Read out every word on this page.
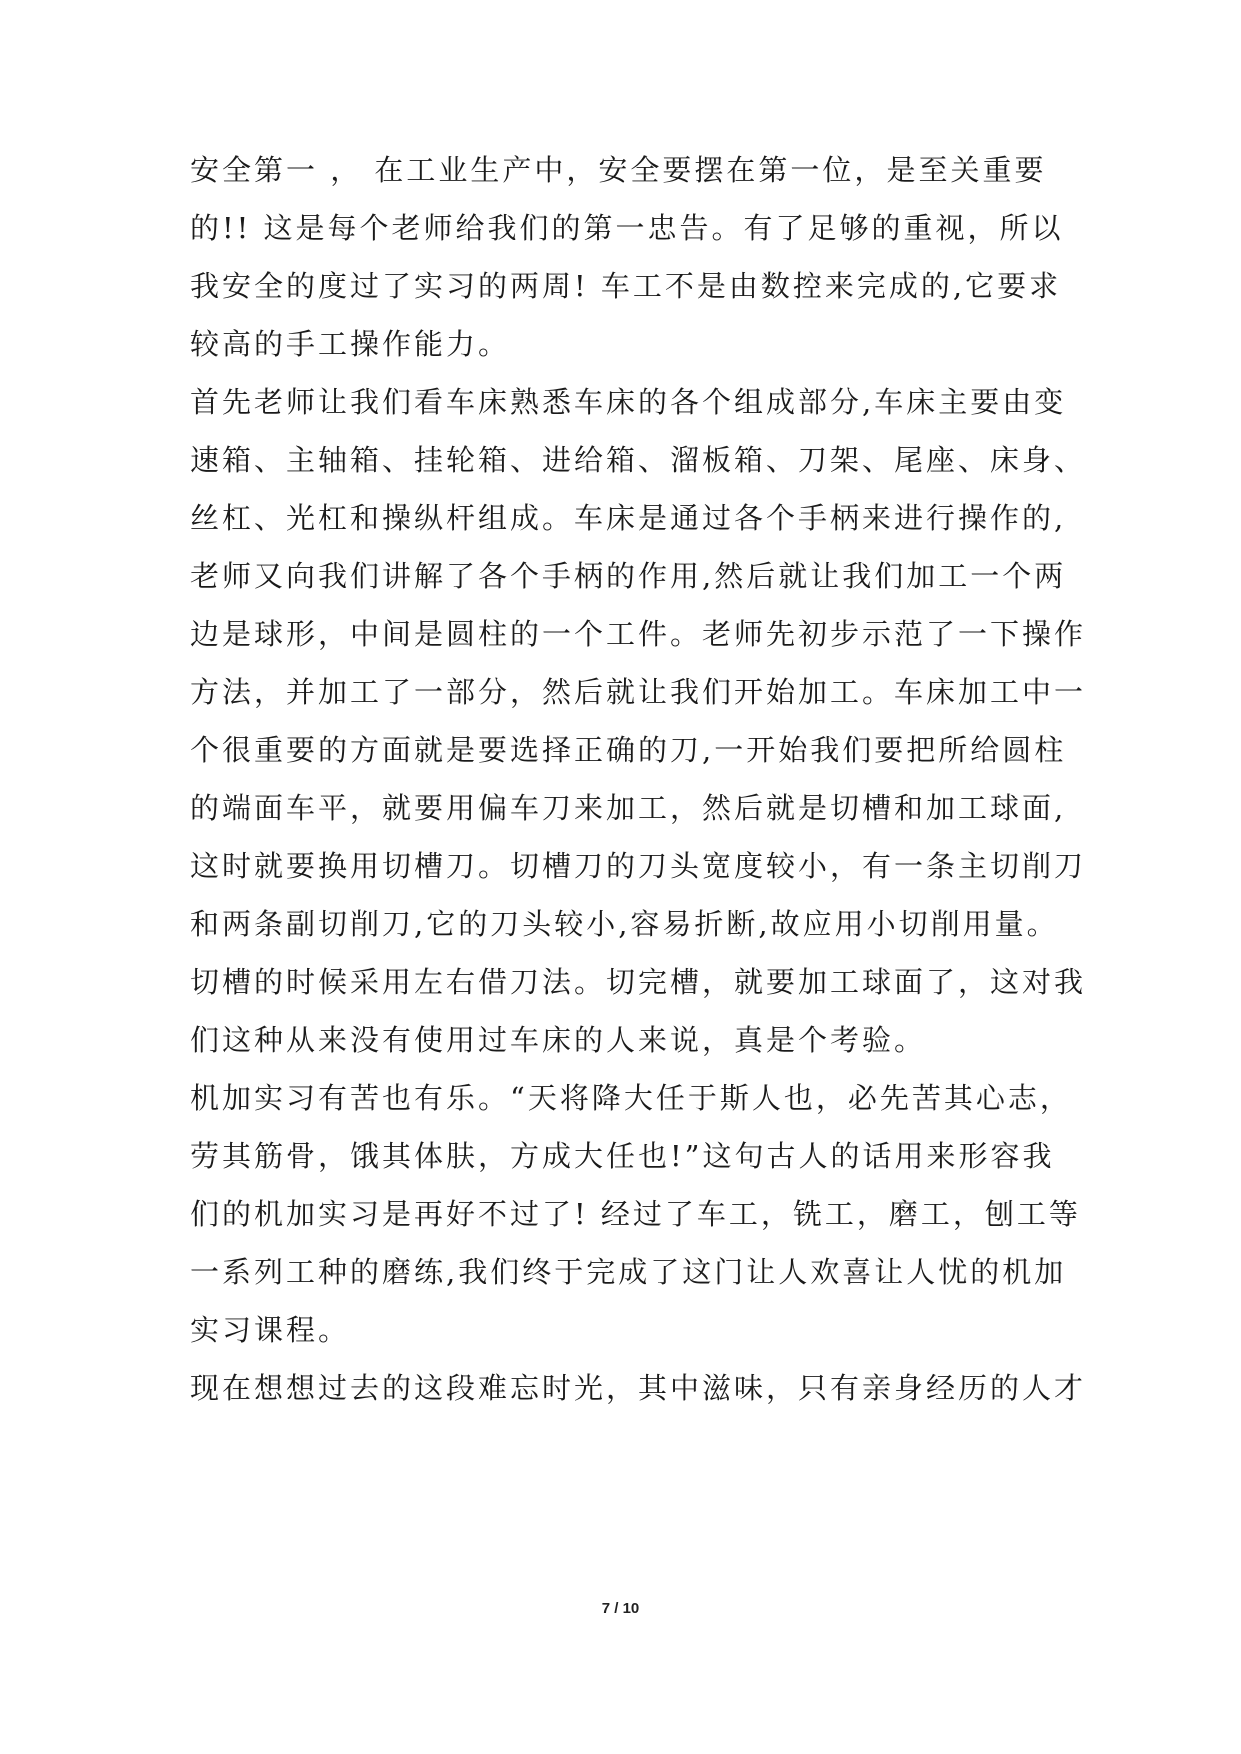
安全第一 ， 在工业生产中，安全要摆在第一位，是至关重要
的!! 这是每个老师给我们的第一忠告。有了足够的重视，所以
我安全的度过了实习的两周! 车工不是由数控来完成的,它要求
较高的手工操作能力。
首先老师让我们看车床熟悉车床的各个组成部分,车床主要由变
速箱、主轴箱、挂轮箱、进给箱、溜板箱、刀架、尾座、床身、
丝杠、光杠和操纵杆组成。车床是通过各个手柄来进行操作的,
老师又向我们讲解了各个手柄的作用,然后就让我们加工一个两
边是球形，中间是圆柱的一个工件。老师先初步示范了一下操作
方法，并加工了一部分，然后就让我们开始加工。车床加工中一
个很重要的方面就是要选择正确的刀,一开始我们要把所给圆柱
的端面车平，就要用偏车刀来加工，然后就是切槽和加工球面,
这时就要换用切槽刀。切槽刀的刀头宽度较小，有一条主切削刀
和两条副切削刀,它的刀头较小,容易折断,故应用小切削用量。
切槽的时候采用左右借刀法。切完槽，就要加工球面了，这对我
们这种从来没有使用过车床的人来说，真是个考验。
机加实习有苦也有乐。“天将降大任于斯人也，必先苦其心志，
劳其筋骨，饿其体肤，方成大任也!”这句古人的话用来形容我
们的机加实习是再好不过了! 经过了车工，铣工，磨工，刨工等
一系列工种的磨练,我们终于完成了这门让人欢喜让人忧的机加
实习课程。
现在想想过去的这段难忘时光，其中滋味，只有亲身经历的人才
7 / 10
